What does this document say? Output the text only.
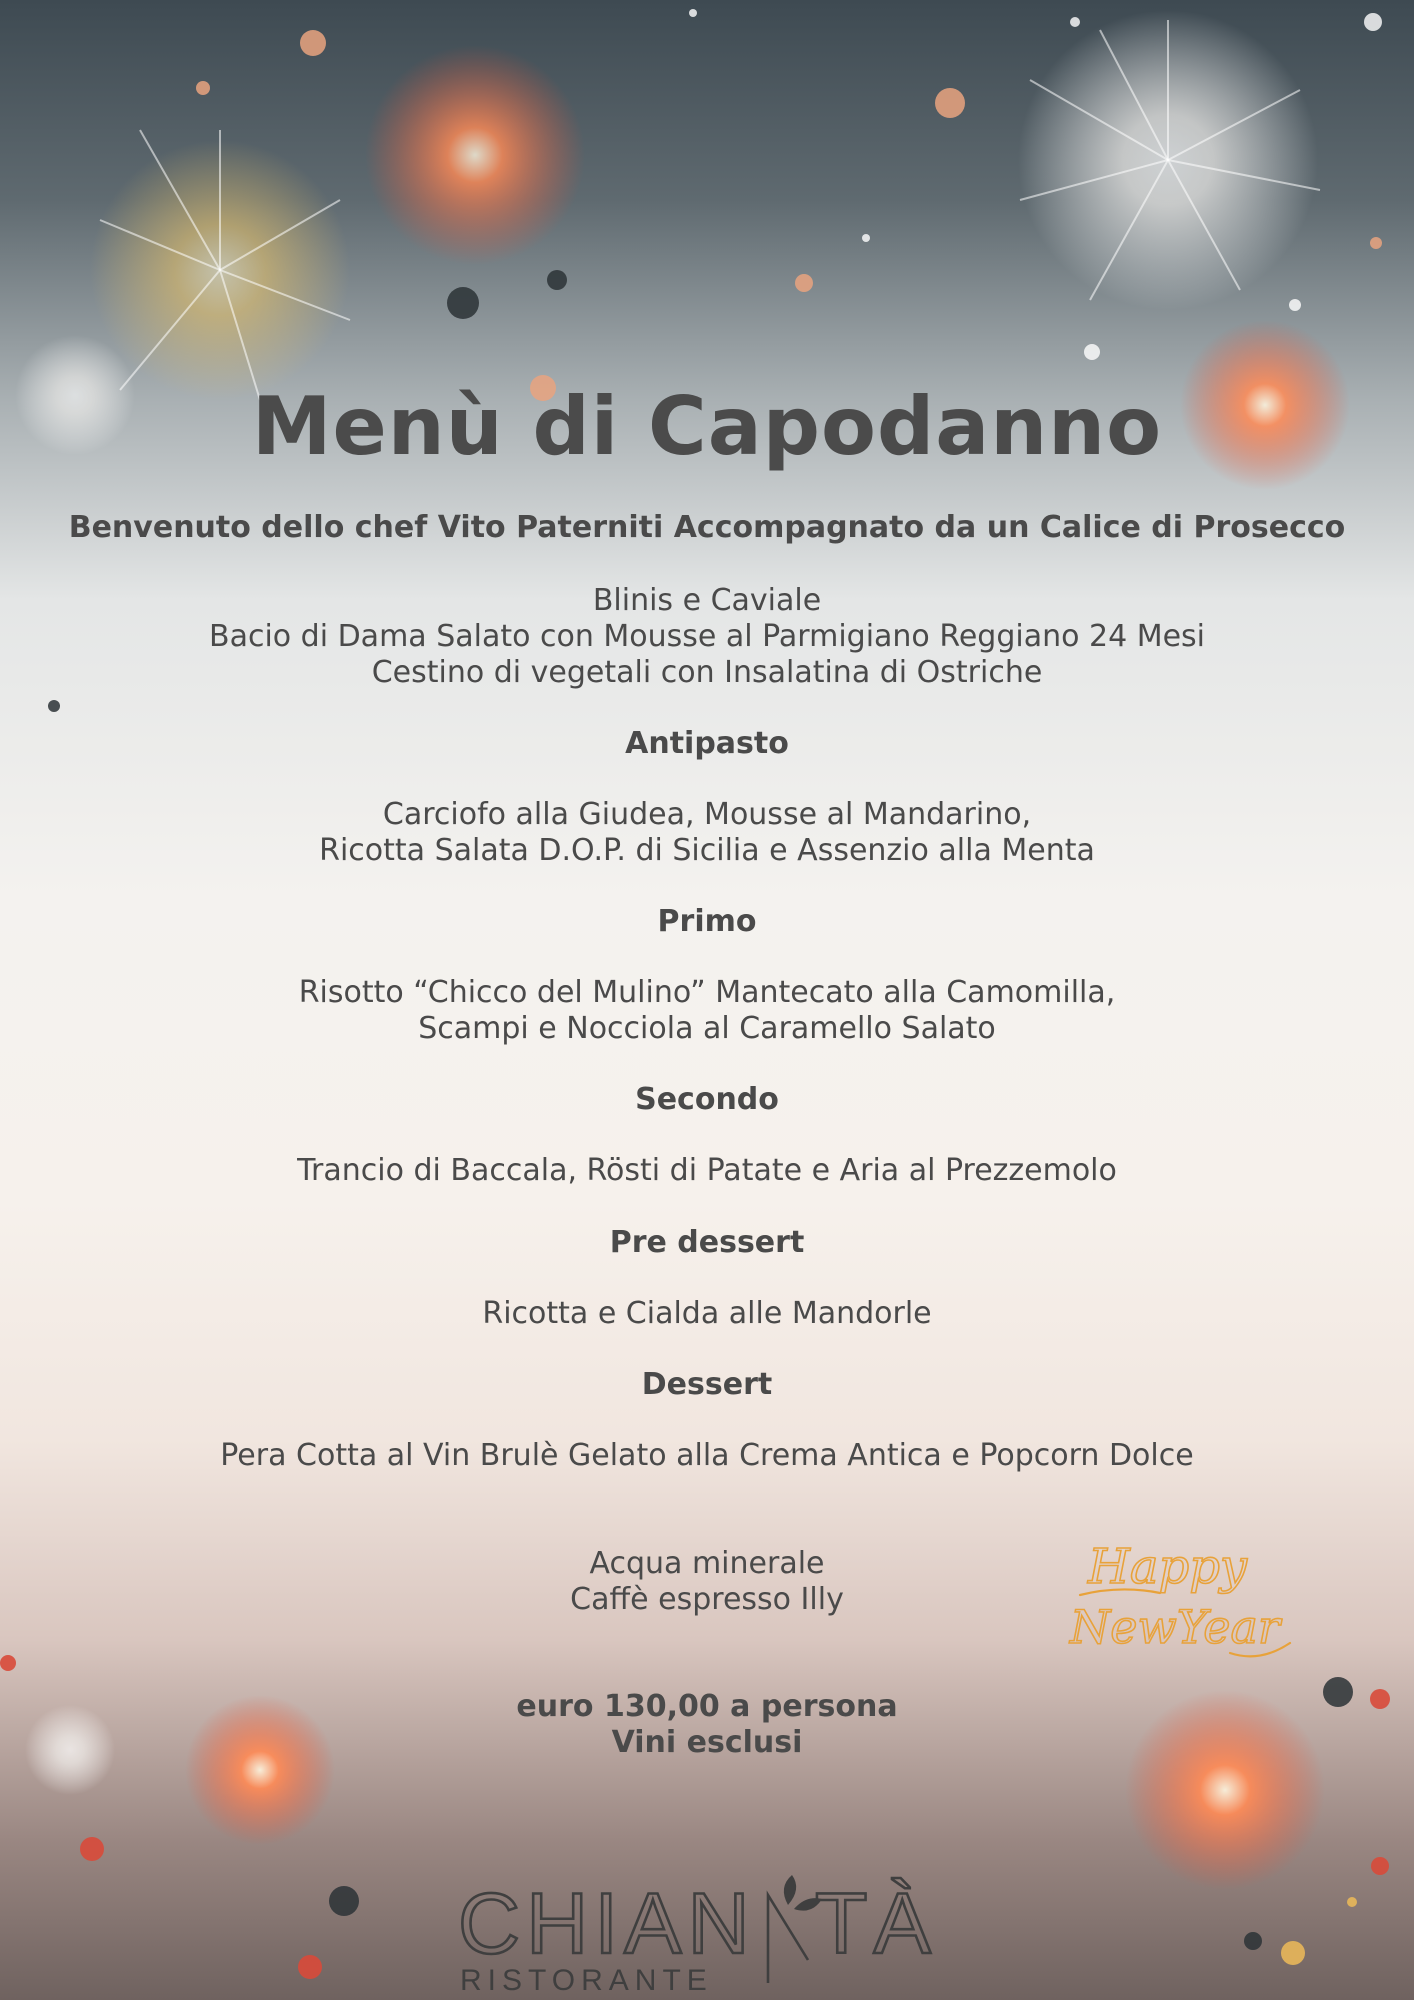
Menù di Capodanno
Benvenuto dello chef Vito Paterniti Accompagnato da un Calice di Prosecco
Blinis e Caviale
Bacio di Dama Salato con Mousse al Parmigiano Reggiano 24 Mesi
Cestino di vegetali con Insalatina di Ostriche
Antipasto
Carciofo alla Giudea, Mousse al Mandarino,
Ricotta Salata D.O.P. di Sicilia e Assenzio alla Menta
Primo
Risotto “Chicco del Mulino” Mantecato alla Camomilla,
Scampi e Nocciola al Caramello Salato
Secondo
Trancio di Baccala, Rösti di Patate e Aria al Prezzemolo
Pre dessert
Ricotta e Cialda alle Mandorle
Dessert
Pera Cotta al Vin Brulè Gelato alla Crema Antica e Popcorn Dolce
Acqua minerale
Caffè espresso Illy
euro 130,00 a persona
Vini esclusi
Happy
NewYear
CHIAN TÀ
RISTORANTE
